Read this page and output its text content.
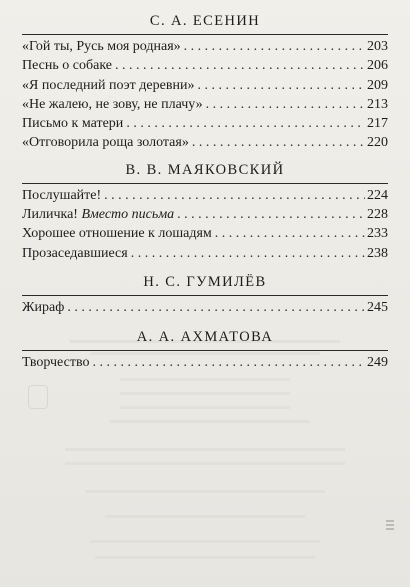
С. А. ЕСЕНИН
«Гой ты, Русь моя родная» . . .	203
Песнь о собаке . . .	206
«Я последний поэт деревни» . . .	209
«Не жалею, не зову, не плачу» . . .	213
Письмо к матери . . .	217
«Отговорила роща золотая» . . .	220
В. В. МАЯКОВСКИЙ
Послушайте! . . .	224
Лиличка! Вместо письма . . .	228
Хорошее отношение к лошадям . . .	233
Прозаседавшиеся . . .	238
Н. С. ГУМИЛЁВ
Жираф . . .	245
А. А. АХМАТОВА
Творчество . . .	249
